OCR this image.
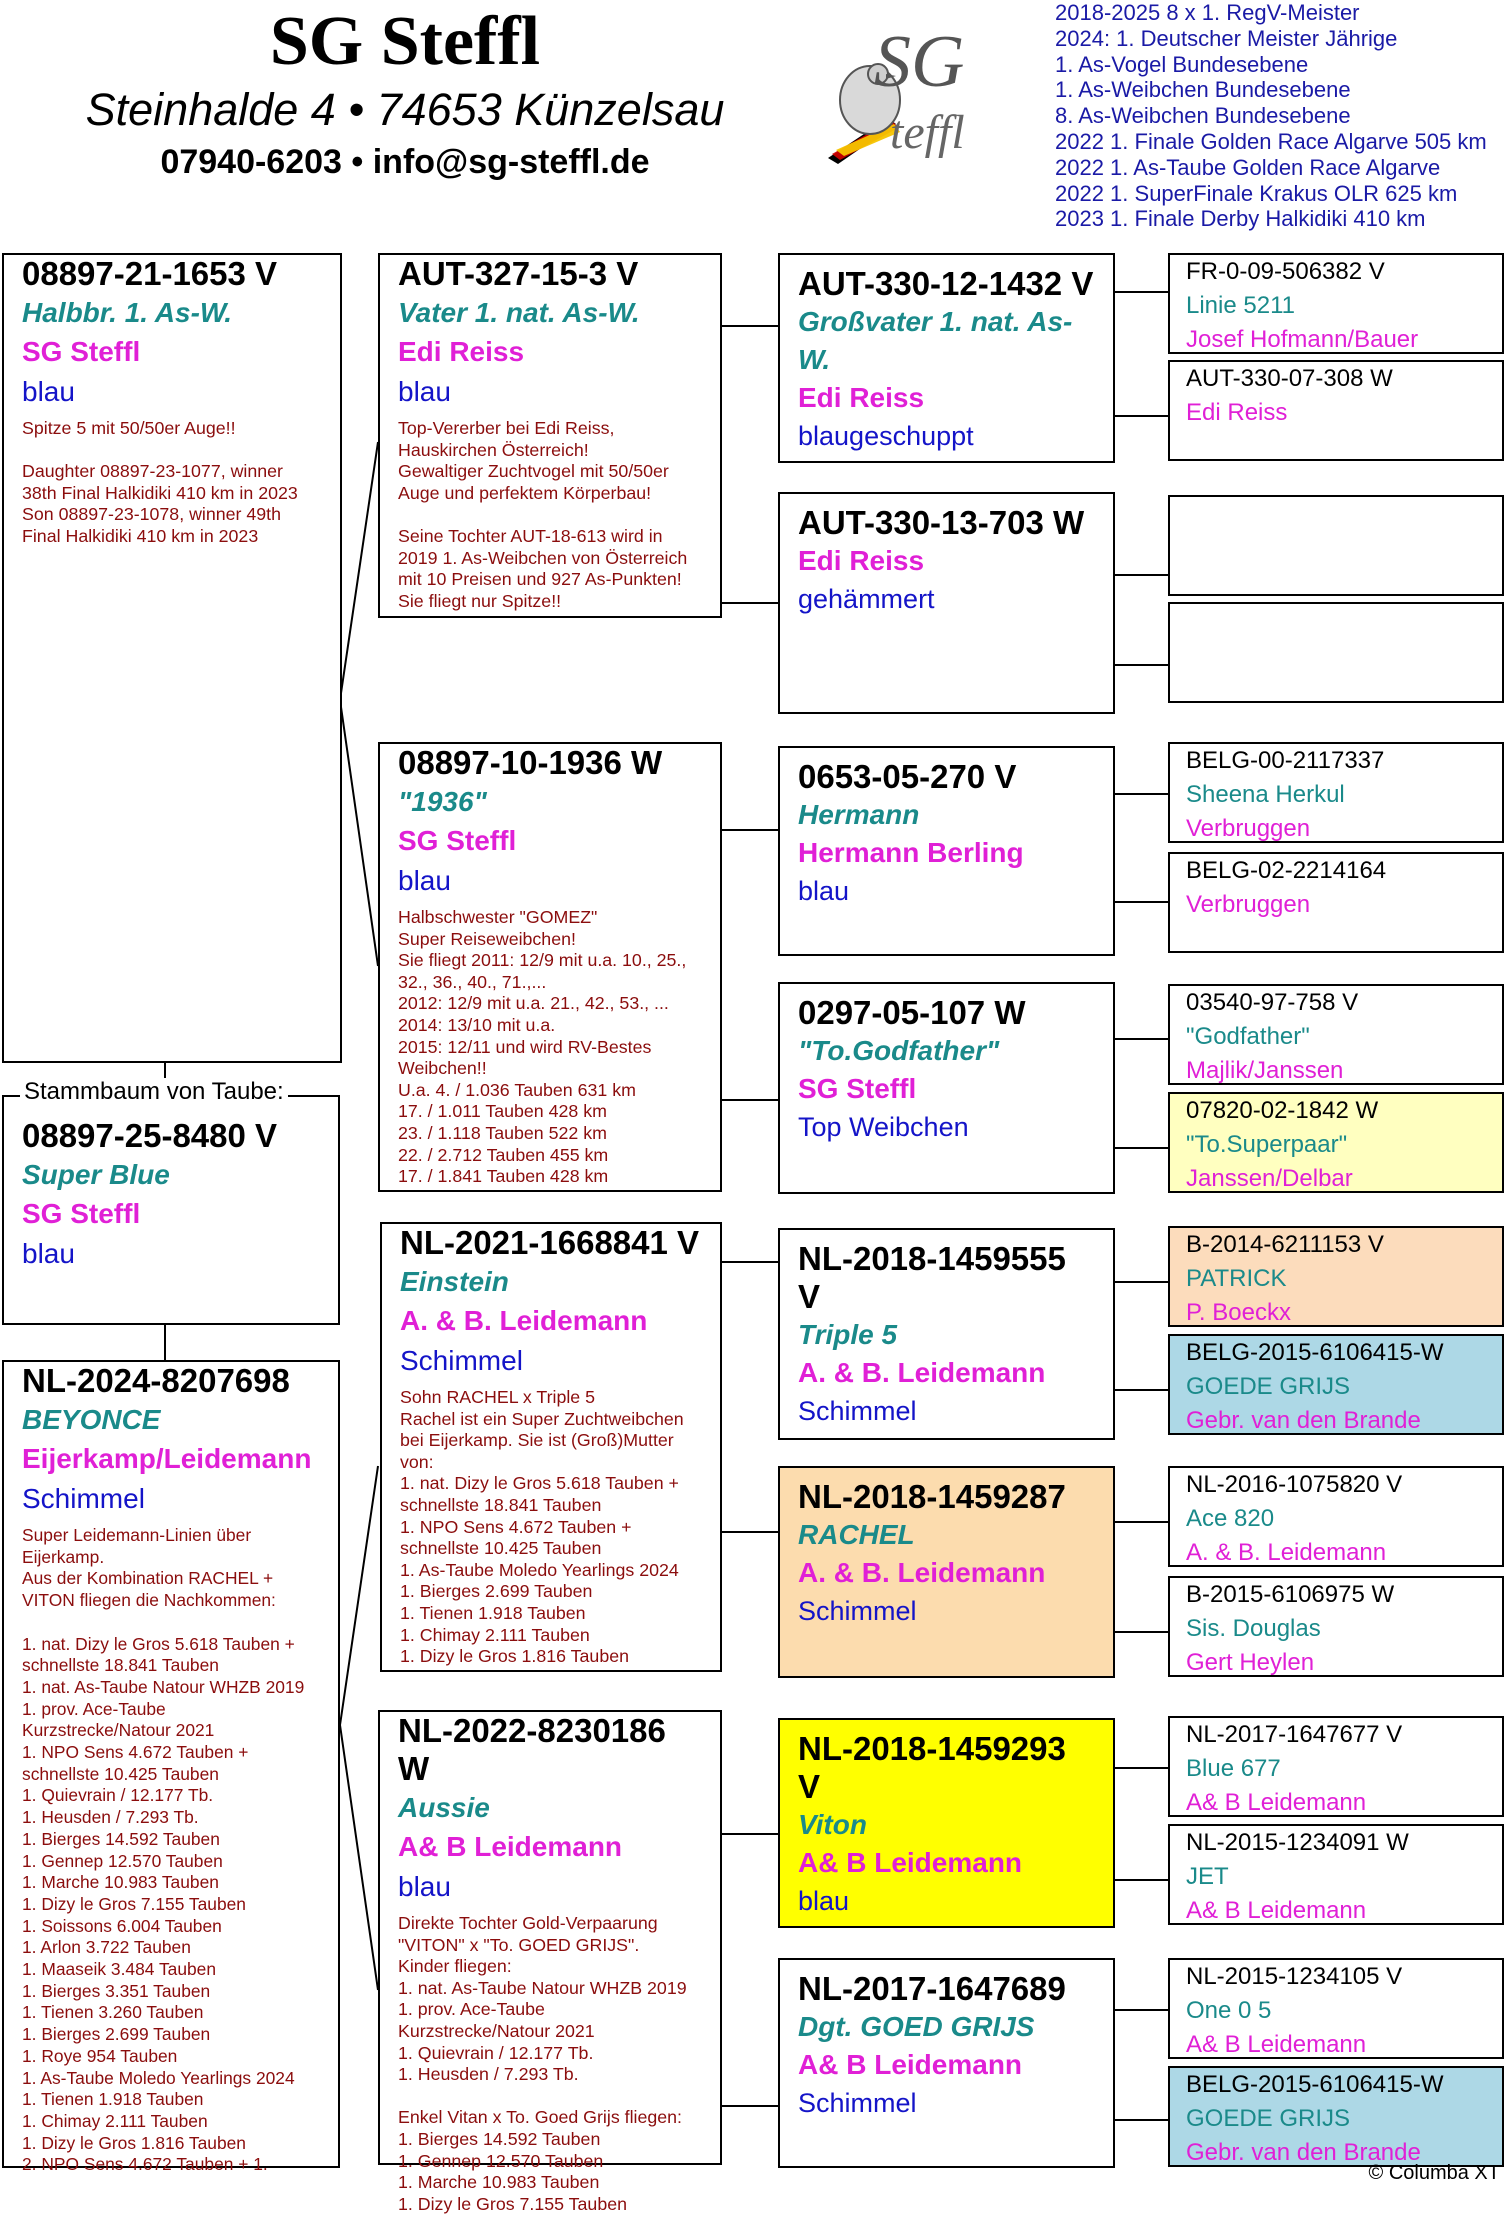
SG Steffl
Steinhalde 4 • 74653 Künzelsau
07940-6203 • info@sg-steffl.de
SG
teffl
2018-2025 8 x 1. RegV-Meister
2024: 1. Deutscher Meister Jährige
1. As-Vogel Bundesebene
1. As-Weibchen Bundesebene
8. As-Weibchen Bundesebene
2022 1. Finale Golden Race Algarve 505 km
2022 1. As-Taube Golden Race Algarve
2022 1. SuperFinale Krakus OLR 625 km
2023 1. Finale Derby Halkidiki 410 km
08897-21-1653 V
Halbbr. 1. As-W.
SG Steffl
blau
Spitze 5 mit 50/50er Auge!!

Daughter 08897-23-1077, winner
38th Final Halkidiki 410 km in 2023
Son 08897-23-1078, winner 49th
Final Halkidiki 410 km in 2023
08897-25-8480 V
Super Blue
SG Steffl
blau
Stammbaum von Taube:
NL-2024-8207698
BEYONCE
Eijerkamp/Leidemann
Schimmel
Super Leidemann-Linien über
Eijerkamp.
Aus der Kombination RACHEL +
VITON fliegen die Nachkommen:

1. nat. Dizy le Gros 5.618 Tauben +
schnellste 18.841 Tauben
1. nat. As-Taube Natour WHZB 2019
1. prov. Ace-Taube
Kurzstrecke/Natour 2021
1. NPO Sens 4.672 Tauben +
schnellste 10.425 Tauben
1. Quievrain / 12.177 Tb.
1. Heusden / 7.293 Tb.
1. Bierges 14.592 Tauben
1. Gennep 12.570 Tauben
1. Marche 10.983 Tauben
1. Dizy le Gros 7.155 Tauben
1. Soissons 6.004 Tauben
1. Arlon 3.722 Tauben
1. Maaseik 3.484 Tauben
1. Bierges 3.351 Tauben
1. Tienen 3.260 Tauben
1. Bierges 2.699 Tauben
1. Roye 954 Tauben
1. As-Taube Moledo Yearlings 2024
1. Tienen 1.918 Tauben
1. Chimay 2.111 Tauben
1. Dizy le Gros 1.816 Tauben
2. NPO Sens 4.672 Tauben + 1.
AUT-327-15-3 V
Vater 1. nat. As-W.
Edi Reiss
blau
Top-Vererber bei Edi Reiss,
Hauskirchen Österreich!
Gewaltiger Zuchtvogel mit 50/50er
Auge und perfektem Körperbau!

Seine Tochter AUT-18-613 wird in
2019 1. As-Weibchen von Österreich
mit 10 Preisen und 927 As-Punkten!
Sie fliegt nur Spitze!!
08897-10-1936 W
"1936"
SG Steffl
blau
Halbschwester "GOMEZ"
Super Reiseweibchen!
Sie fliegt 2011: 12/9 mit u.a. 10., 25.,
32., 36., 40., 71.,...
2012: 12/9 mit u.a. 21., 42., 53., ...
2014: 13/10 mit u.a.
2015: 12/11 und wird RV-Bestes
Weibchen!!
U.a. 4. / 1.036 Tauben 631 km
17. / 1.011 Tauben 428 km
23. / 1.118 Tauben 522 km
22. / 2.712 Tauben 455 km
17. / 1.841 Tauben 428 km
NL-2021-1668841 V
Einstein
A. & B. Leidemann
Schimmel
Sohn RACHEL x Triple 5
Rachel ist ein Super Zuchtweibchen
bei Eijerkamp. Sie ist (Groß)Mutter
von:
1. nat. Dizy le Gros 5.618 Tauben +
schnellste 18.841 Tauben
1. NPO Sens 4.672 Tauben +
schnellste 10.425 Tauben
1. As-Taube Moledo Yearlings 2024
1. Bierges 2.699 Tauben
1. Tienen 1.918 Tauben
1. Chimay 2.111 Tauben
1. Dizy le Gros 1.816 Tauben
NL-2022-8230186 W
Aussie
A& B Leidemann
blau
Direkte Tochter Gold-Verpaarung
"VITON" x "To. GOED GRIJS".
Kinder fliegen:
1. nat. As-Taube Natour WHZB 2019
1. prov. Ace-Taube
Kurzstrecke/Natour 2021
1. Quievrain / 12.177 Tb.
1. Heusden / 7.293 Tb.

Enkel Vitan x To. Goed Grijs fliegen:
1. Bierges 14.592 Tauben
1. Gennep 12.570 Tauben
1. Marche 10.983 Tauben
1. Dizy le Gros 7.155 Tauben
AUT-330-12-1432 V
Großvater 1. nat. As-W.
Edi Reiss
blaugeschuppt
AUT-330-13-703 W
Edi Reiss
gehämmert
0653-05-270 V
Hermann
Hermann Berling
blau
0297-05-107 W
"To.Godfather"
SG Steffl
Top Weibchen
NL-2018-1459555 V
Triple 5
A. & B. Leidemann
Schimmel
NL-2018-1459287
RACHEL
A. & B. Leidemann
Schimmel
NL-2018-1459293 V
Viton
A& B Leidemann
blau
NL-2017-1647689
Dgt. GOED GRIJS
A& B Leidemann
Schimmel
FR-0-09-506382 V
Linie 5211
Josef Hofmann/Bauer
AUT-330-07-308 W
Edi Reiss
BELG-00-2117337
Sheena Herkul
Verbruggen
BELG-02-2214164
Verbruggen
03540-97-758 V
"Godfather"
Majlik/Janssen
07820-02-1842 W
"To.Superpaar"
Janssen/Delbar
B-2014-6211153 V
PATRICK
P. Boeckx
BELG-2015-6106415-W
GOEDE GRIJS
Gebr. van den Brande
NL-2016-1075820 V
Ace 820
A. & B. Leidemann
B-2015-6106975 W
Sis. Douglas
Gert Heylen
NL-2017-1647677 V
Blue 677
A& B Leidemann
NL-2015-1234091 W
JET
A& B Leidemann
NL-2015-1234105 V
One 0 5
A& B Leidemann
BELG-2015-6106415-W
GOEDE GRIJS
Gebr. van den Brande
© Columba XT
